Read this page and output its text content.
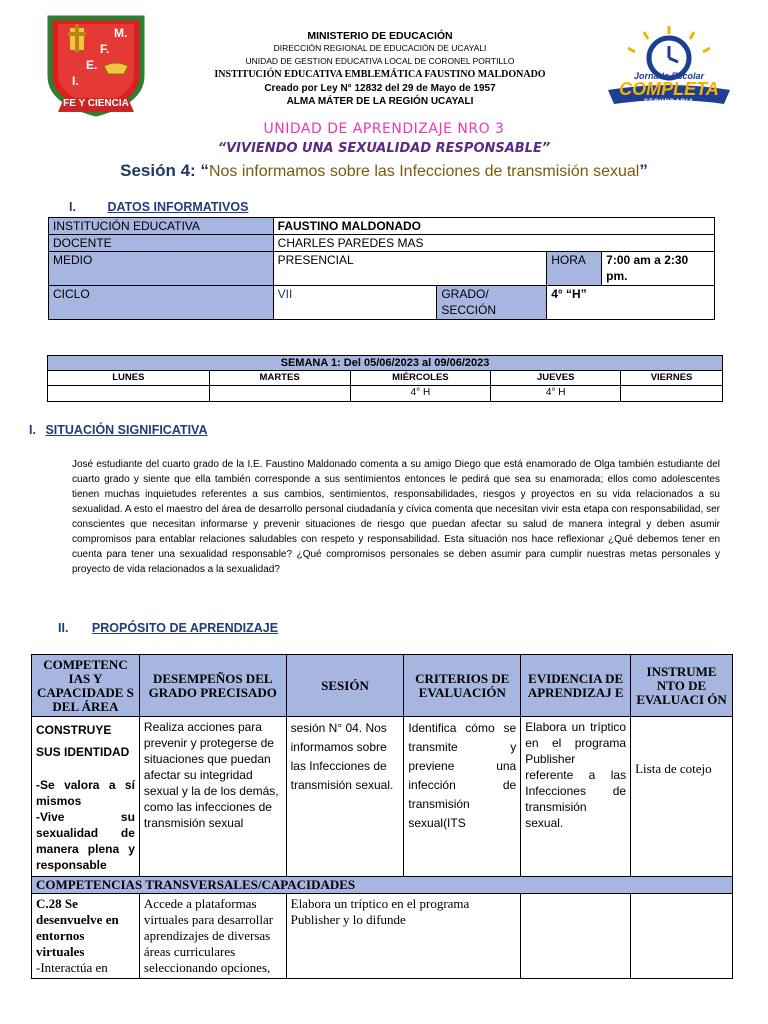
M.
F.
E.
I.
FE Y CIENCIA
MINISTERIO DE EDUCACIÓN
DIRECCIÓN REGIONAL DE EDUCACIÓN DE UCAYALI
UNIDAD DE GESTION EDUCATIVA LOCAL DE CORONEL PORTILLO
INSTITUCIÓN EDUCATIVA EMBLEMÁTICA FAUSTINO MALDONADO
Creado por Ley N° 12832 del 29 de Mayo de 1957
ALMA MÁTER DE LA REGIÓN UCAYALI
Jornada Escolar
COMPLETA
SECUNDARIA
UNIDAD DE APRENDIZAJE NRO 3
“VIVIENDO UNA SEXUALIDAD RESPONSABLE”
Sesión 4: “Nos informamos sobre las Infecciones de transmisión sexual”
I.	DATOS INFORMATIVOS
INSTITUCIÓN EDUCATIVA	FAUSTINO MALDONADO			
DOCENTE	CHARLES PAREDES MAS			
MEDIO	PRESENCIAL		HORA	7:00 am a 2:30 pm.
CICLO	VII	GRADO/ SECCIÓN	4° “H”	
SEMANA 1: Del 05/06/2023 al 09/06/2023				
LUNES	MARTES	MIÉRCOLES	JUEVES	VIERNES
		4° H	4° H	
I. SITUACIÓN SIGNIFICATIVA
José estudiante del cuarto grado de la I.E. Faustino Maldonado comenta a su amigo Diego que está enamorado de Olga también estudiante del cuarto grado y siente que ella también corresponde a sus sentimientos entonces le pedirá que sea su enamorada; ellos como adolescentes tienen muchas inquietudes referentes a sus cambios, sentimientos, responsabilidades, riesgos y proyectos en su vida relacionados a su sexualidad. A esto el maestro del área de desarrollo personal ciudadanía y cívica comenta que necesitan vivir esta etapa con responsabilidad, ser conscientes que necesitan informarse y prevenir situaciones de riesgo que puedan afectar su salud de manera integral y deben asumir compromisos para entablar relaciones saludables con respeto y responsabilidad. Esta situación nos hace reflexionar ¿Qué debemos tener en cuenta para tener una sexualidad responsable? ¿Qué compromisos personales se deben asumir para cumplir nuestras metas personales y proyecto de vida relacionados a la sexualidad?
II. PROPÓSITO DE APRENDIZAJE
COMPETENC IAS Y CAPACIDADE S DEL ÁREA	DESEMPEÑOS DEL GRADO PRECISADO	SESIÓN	CRITERIOS DE EVALUACIÓN	EVIDENCIA DE APRENDIZAJ E	INSTRUME NTO DE EVALUACI ÓN

CONSTRUYE SUS IDENTIDAD
-Se valora a sí mismos
-Vive su sexualidad de manera plena y responsable	Realiza acciones para prevenir y protegerse de situaciones que puedan afectar su integridad sexual y la de los demás, como las infecciones de transmisión sexual	sesión N° 04. Nos informamos sobre las Infecciones de transmisión sexual.	Identifica cómo se transmite y previene una infección de transmisión sexual(ITS	Elabora un tríptico en el programa Publisher referente a las Infecciones de transmisión sexual.	Lista de cotejo
COMPETENCIAS TRANSVERSALES/CAPACIDADES					

C.28 Se desenvuelve en entornos virtuales
-Interactúa en	Accede a plataformas virtuales para desarrollar aprendizajes de diversas áreas curriculares seleccionando opciones,	Elabora un tríptico en el programa Publisher y lo difunde			
